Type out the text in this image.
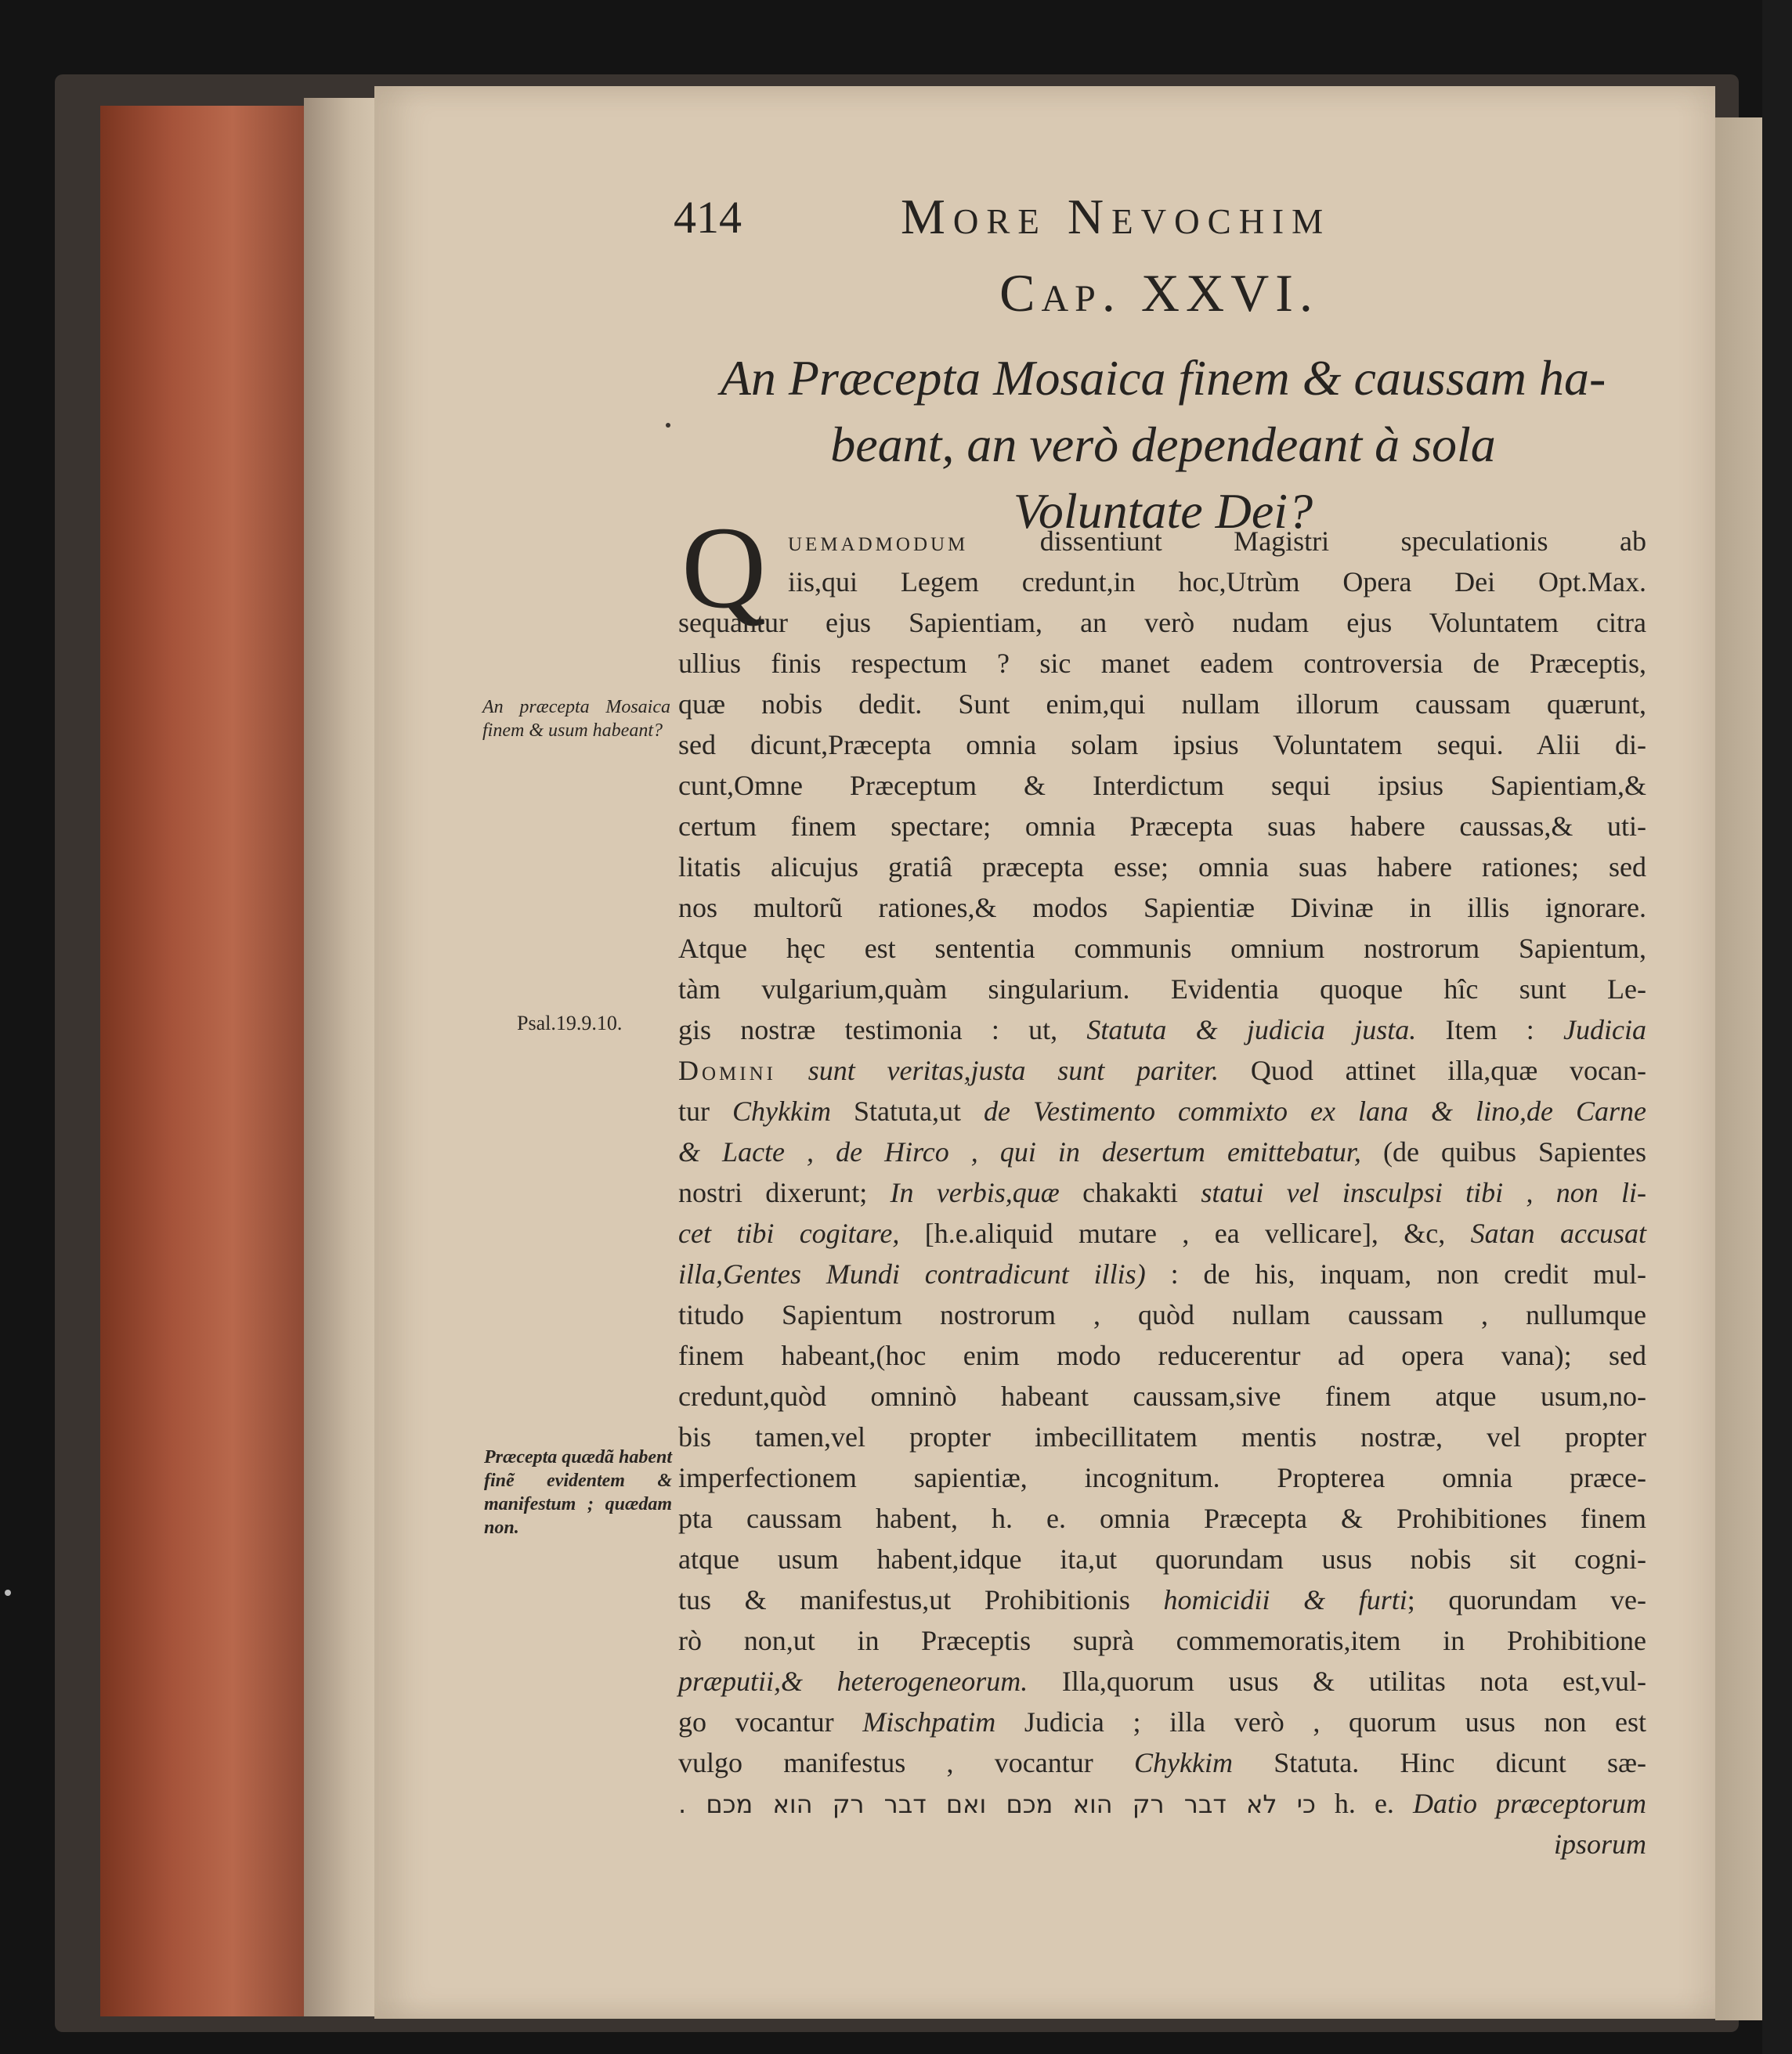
414	More Nevochim
Cap. XXVI.
An Præcepta Mosaica finem & caussam ha-
beant, an verò dependeant à sola
Voluntate Dei?
Q uemadmodum dissentiunt Magistri speculationis ab
iis,qui Legem credunt,in hoc,Utrùm Opera Dei Opt.Max.
sequantur ejus Sapientiam, an verò nudam ejus Voluntatem citra
ullius finis respectum ? sic manet eadem controversia de Præceptis,
quæ nobis dedit. Sunt enim,qui nullam illorum caussam quærunt,
sed dicunt,Præcepta omnia solam ipsius Voluntatem sequi. Alii di-
cunt,Omne Præceptum & Interdictum sequi ipsius Sapientiam,&
certum finem spectare; omnia Præcepta suas habere caussas,& uti-
litatis alicujus gratiâ præcepta esse; omnia suas habere rationes; sed
nos multorũ rationes,& modos Sapientiæ Divinæ in illis ignorare.
Atque hęc est sententia communis omnium nostrorum Sapientum,
tàm vulgarium,quàm singularium. Evidentia quoque hîc sunt Le-
gis nostræ testimonia : ut, Statuta & judicia justa. Item : Judicia
Domini sunt veritas,justa sunt pariter. Quod attinet illa,quæ vocan-
tur Chykkim Statuta,ut de Vestimento commixto ex lana & lino,de Carne
& Lacte , de Hirco , qui in desertum emittebatur, (de quibus Sapientes
nostri dixerunt; In verbis,quæ chakakti statui vel insculpsi tibi , non li-
cet tibi cogitare, [h.e.aliquid mutare , ea vellicare], &c, Satan accusat
illa,Gentes Mundi contradicunt illis) : de his, inquam, non credit mul-
titudo Sapientum nostrorum , quòd nullam caussam , nullumque
finem habeant,(hoc enim modo reducerentur ad opera vana); sed
credunt,quòd omninò habeant caussam,sive finem atque usum,no-
bis tamen,vel propter imbecillitatem mentis nostræ, vel propter
imperfectionem sapientiæ, incognitum. Propterea omnia præce-
pta caussam habent, h. e. omnia Præcepta & Prohibitiones finem
atque usum habent,idque ita,ut quorundam usus nobis sit cogni-
tus & manifestus,ut Prohibitionis homicidii & furti; quorundam ve-
rò non,ut in Præceptis suprà commemoratis,item in Prohibitione
præputii,& heterogeneorum. Illa,quorum usus & utilitas nota est,vul-
go vocantur Mischpatim Judicia ; illa verò , quorum usus non est
vulgo manifestus , vocantur Chykkim Statuta. Hinc dicunt sæ-
כי לא דבר רק הוא מכם ואם דבר רק הוא מכם . h. e. Datio præceptorum
ipsorum
An præcepta Mosaica finem & usum habeant?
Psal.19.9.10.
Præcepta quædã habent finẽ evidentem & manifestum ; quædam non.
